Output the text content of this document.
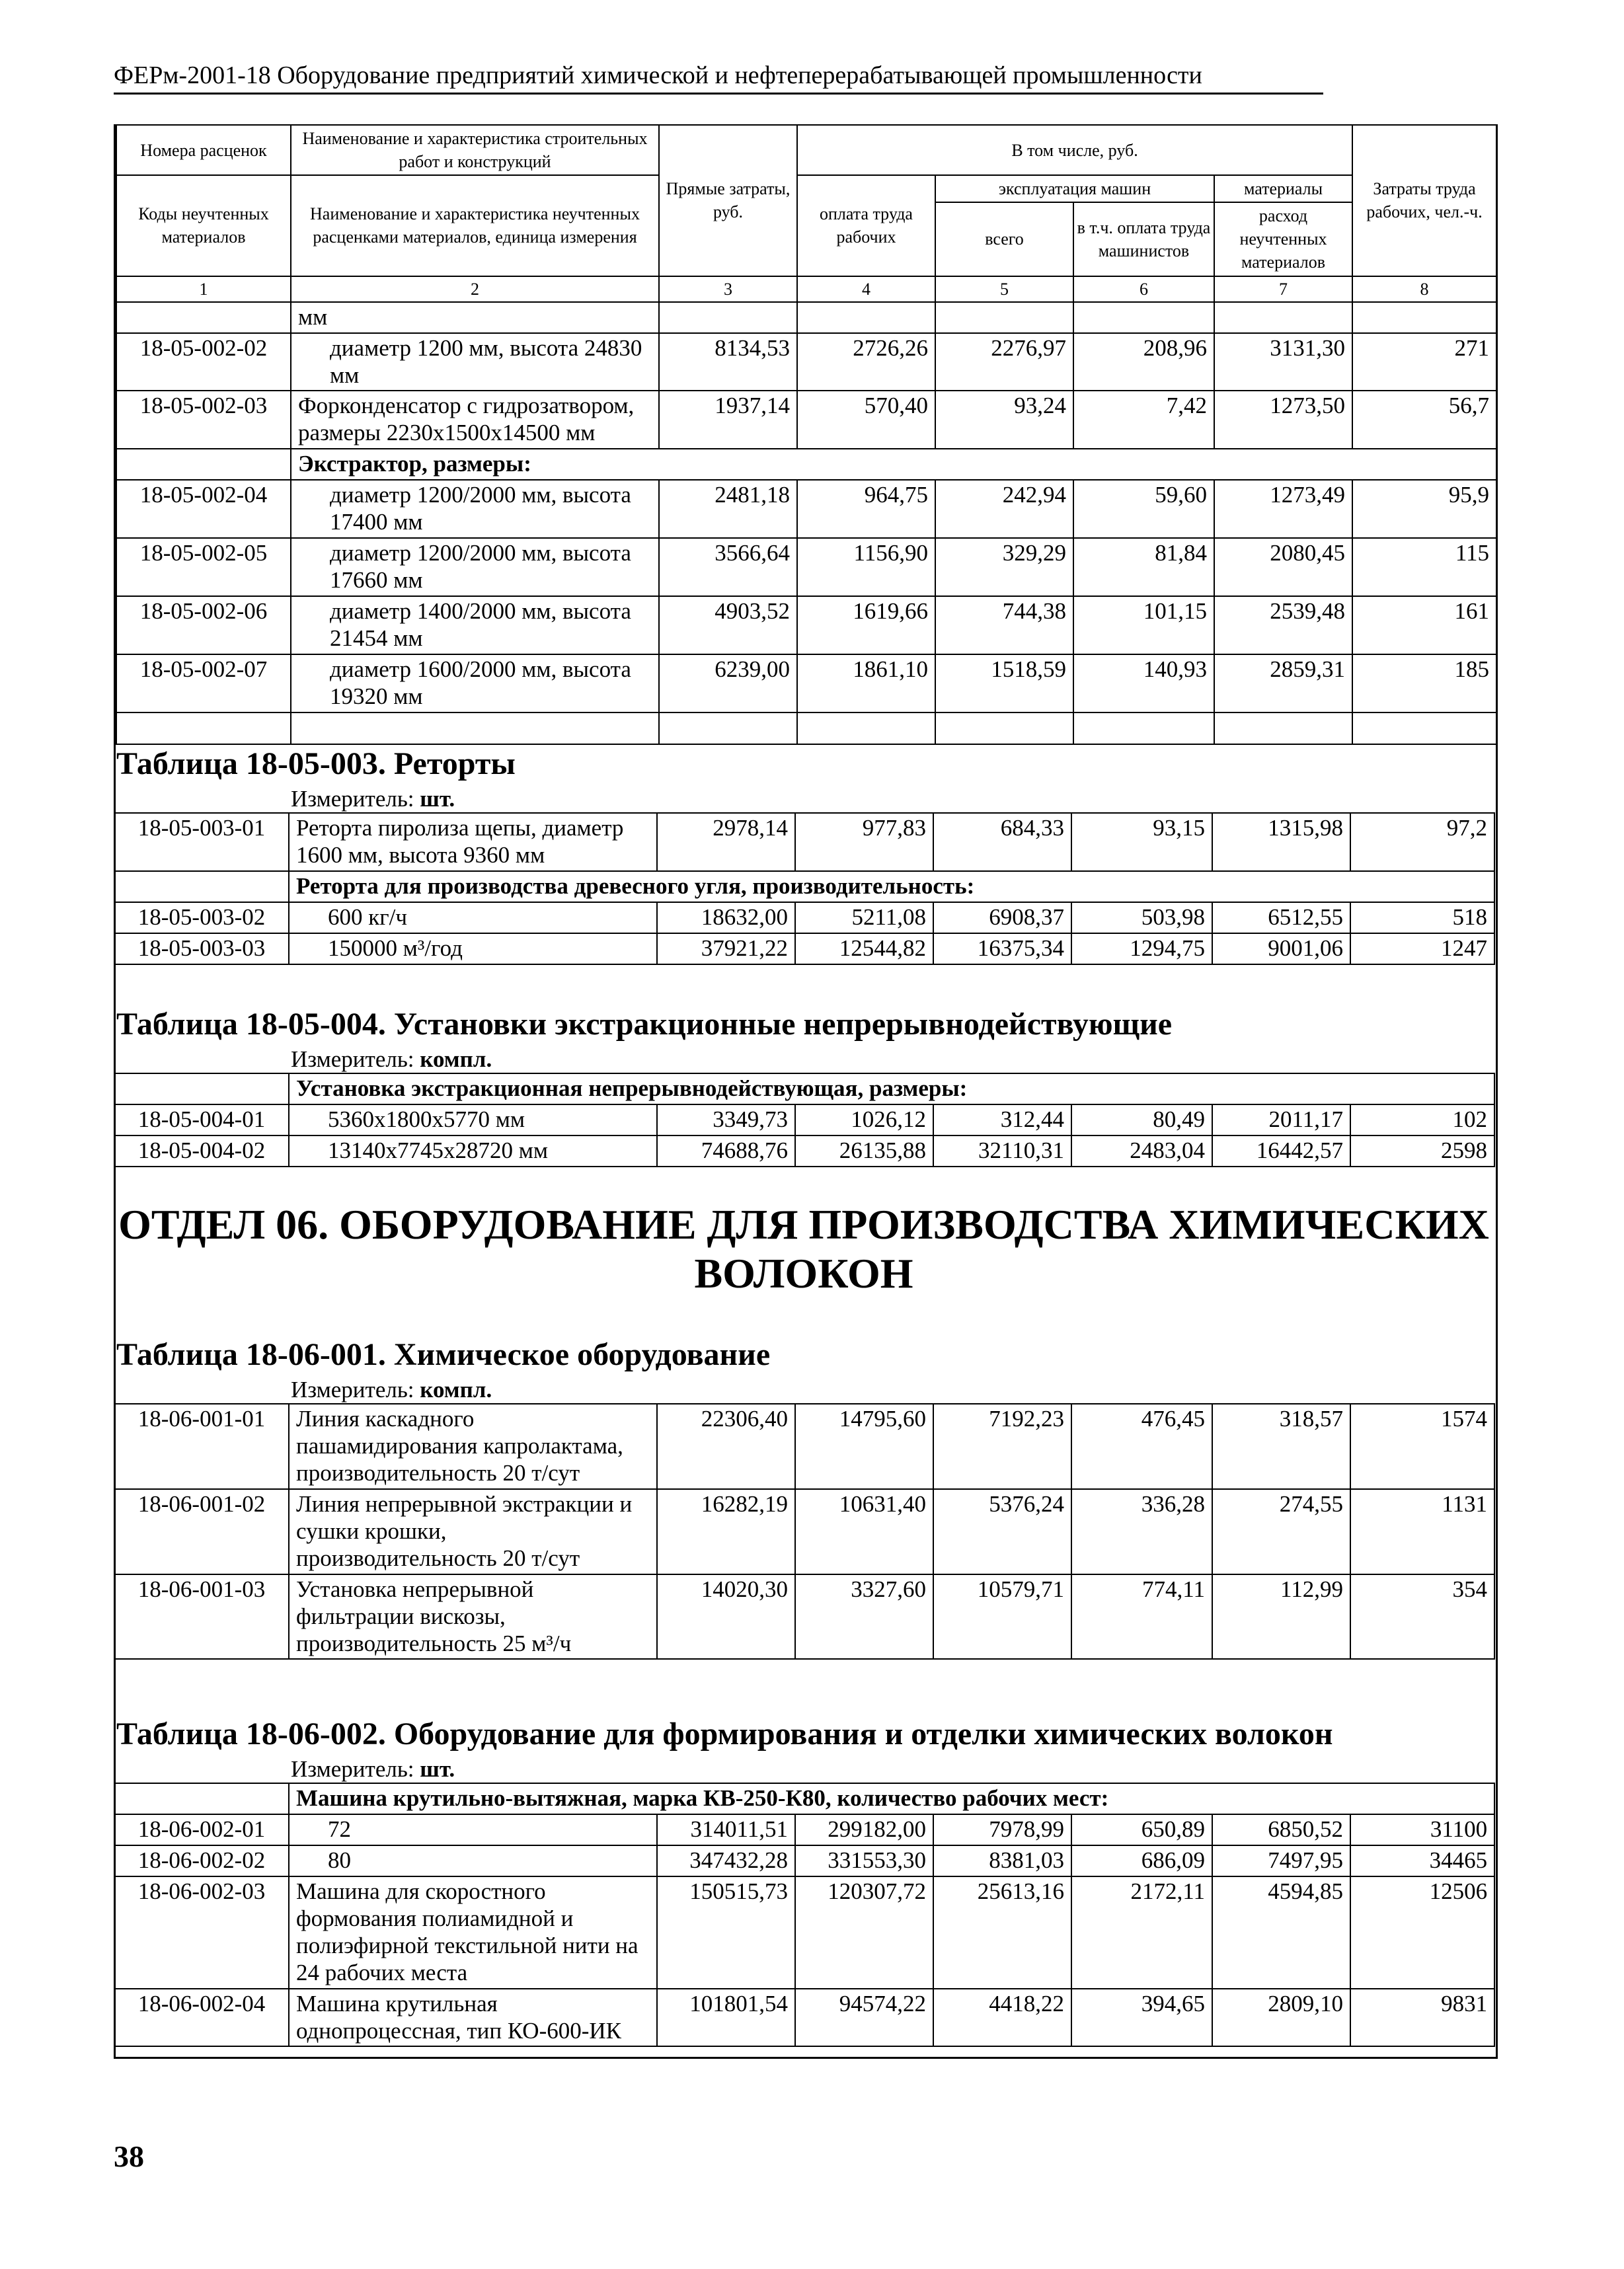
ФЕРм-2001-18 Оборудование предприятий химической и нефтеперерабатывающей промышленности
Номера расценок	Наименование и характеристика строительных работ и конструкций	Прямые затраты, руб.	В том числе, руб.				Затраты труда рабочих, чел.-ч.
Коды неучтенных материалов	Наименование и характеристика неучтенных расценками материалов, единица измерения		оплата труда рабочих	эксплуатация машин		материалы	
				всего	в т.ч. оплата труда машинистов	расход неучтенных материалов	
1	2	3	4	5	6	7	8
	мм						
18-05-002-02	диаметр 1200 мм, высота 24830 мм	8134,53	2726,26	2276,97	208,96	3131,30	271
18-05-002-03	Форконденсатор с гидрозатвором, размеры 2230х1500х14500 мм	1937,14	570,40	93,24	7,42	1273,50	56,7
	Экстрактор, размеры:						
18-05-002-04	диаметр 1200/2000 мм, высота 17400 мм	2481,18	964,75	242,94	59,60	1273,49	95,9
18-05-002-05	диаметр 1200/2000 мм, высота 17660 мм	3566,64	1156,90	329,29	81,84	2080,45	115
18-05-002-06	диаметр 1400/2000 мм, высота 21454 мм	4903,52	1619,66	744,38	101,15	2539,48	161
18-05-002-07	диаметр 1600/2000 мм, высота 19320 мм	6239,00	1861,10	1518,59	140,93	2859,31	185

Таблица 18-05-003. Реторты
Измеритель: шт.
18-05-003-01	Реторта пиролиза щепы, диаметр 1600 мм, высота 9360 мм	2978,14	977,83	684,33	93,15	1315,98	97,2
	Реторта для производства древесного угля, производительность:						
18-05-003-02	600 кг/ч	18632,00	5211,08	6908,37	503,98	6512,55	518
18-05-003-03	150000 м³/год	37921,22	12544,82	16375,34	1294,75	9001,06	1247
Таблица 18-05-004. Установки экстракционные непрерывнодействующие
Измеритель: компл.
	Установка экстракционная непрерывнодействующая, размеры:						
18-05-004-01	5360х1800х5770 мм	3349,73	1026,12	312,44	80,49	2011,17	102
18-05-004-02	13140х7745х28720 мм	74688,76	26135,88	32110,31	2483,04	16442,57	2598
ОТДЕЛ 06. ОБОРУДОВАНИЕ ДЛЯ ПРОИЗВОДСТВА ХИМИЧЕСКИХ ВОЛОКОН
Таблица 18-06-001. Химическое оборудование
Измеритель: компл.
18-06-001-01	Линия каскадного пашамидирования капролактама, производительность 20 т/сут	22306,40	14795,60	7192,23	476,45	318,57	1574
18-06-001-02	Линия непрерывной экстракции и сушки крошки, производительность 20 т/сут	16282,19	10631,40	5376,24	336,28	274,55	1131
18-06-001-03	Установка непрерывной фильтрации вискозы, производительность 25 м³/ч	14020,30	3327,60	10579,71	774,11	112,99	354
Таблица 18-06-002. Оборудование для формирования и отделки химических волокон
Измеритель: шт.
	Машина крутильно-вытяжная, марка КВ-250-К80, количество рабочих мест:						
18-06-002-01	72	314011,51	299182,00	7978,99	650,89	6850,52	31100
18-06-002-02	80	347432,28	331553,30	8381,03	686,09	7497,95	34465
18-06-002-03	Машина для скоростного формования полиамидной и полиэфирной текстильной нити на 24 рабочих места	150515,73	120307,72	25613,16	2172,11	4594,85	12506
18-06-002-04	Машина крутильная однопроцессная, тип КО-600-ИК	101801,54	94574,22	4418,22	394,65	2809,10	9831
38
